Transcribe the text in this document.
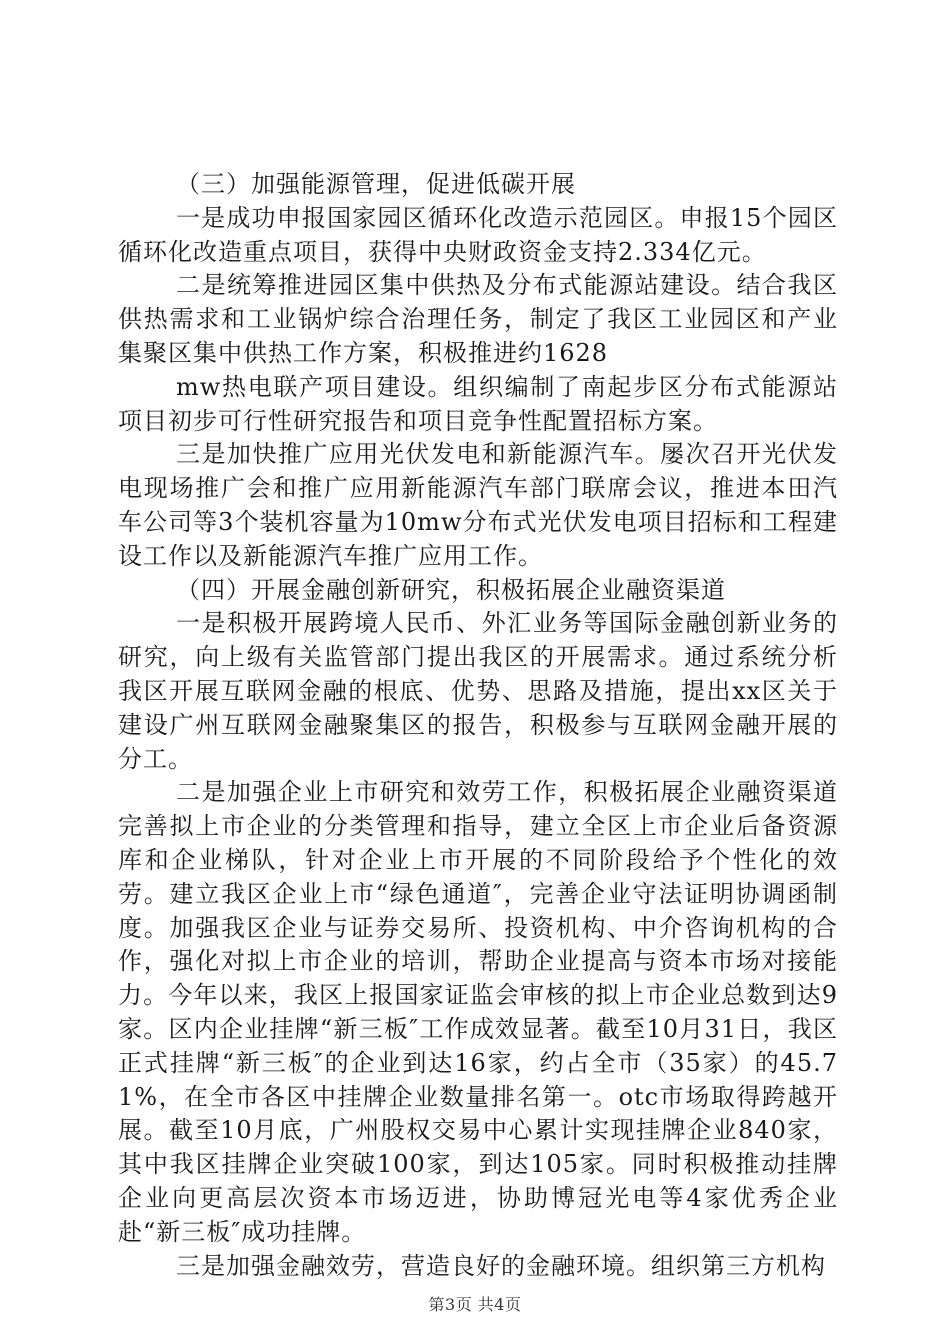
（三）加强能源管理，促进低碳开展

一是成功申报国家园区循环化改造示范园区。申报15个园区循环化改造重点项目，获得中央财政资金支持2.334亿元。

二是统筹推进园区集中供热及分布式能源站建设。结合我区供热需求和工业锅炉综合治理任务，制定了我区工业园区和产业集聚区集中供热工作方案，积极推进约1628

mw热电联产项目建设。组织编制了南起步区分布式能源站项目初步可行性研究报告和项目竞争性配置招标方案。

三是加快推广应用光伏发电和新能源汽车。屡次召开光伏发电现场推广会和推广应用新能源汽车部门联席会议，推进本田汽车公司等3个装机容量为10mw分布式光伏发电项目招标和工程建设工作以及新能源汽车推广应用工作。

（四）开展金融创新研究，积极拓展企业融资渠道

一是积极开展跨境人民币、外汇业务等国际金融创新业务的研究，向上级有关监管部门提出我区的开展需求。通过系统分析我区开展互联网金融的根底、优势、思路及措施，提出xx区关于建设广州互联网金融聚集区的报告，积极参与互联网金融开展的分工。

二是加强企业上市研究和效劳工作，积极拓展企业融资渠道完善拟上市企业的分类管理和指导，建立全区上市企业后备资源库和企业梯队，针对企业上市开展的不同阶段给予个性化的效劳。建立我区企业上市“绿色通道″，完善企业守法证明协调函制度。加强我区企业与证券交易所、投资机构、中介咨询机构的合作，强化对拟上市企业的培训，帮助企业提高与资本市场对接能力。今年以来，我区上报国家证监会审核的拟上市企业总数到达9家。区内企业挂牌“新三板″工作成效显著。截至10月31日，我区正式挂牌“新三板″的企业到达16家，约占全市（35家）的45.71%，在全市各区中挂牌企业数量排名第一。otc市场取得跨越开展。截至10月底，广州股权交易中心累计实现挂牌企业840家，其中我区挂牌企业突破100家，到达105家。同时积极推动挂牌企业向更高层次资本市场迈进，协助博冠光电等4家优秀企业赴“新三板″成功挂牌。

三是加强金融效劳，营造良好的金融环境。组织第三方机构

第3页 共4页
